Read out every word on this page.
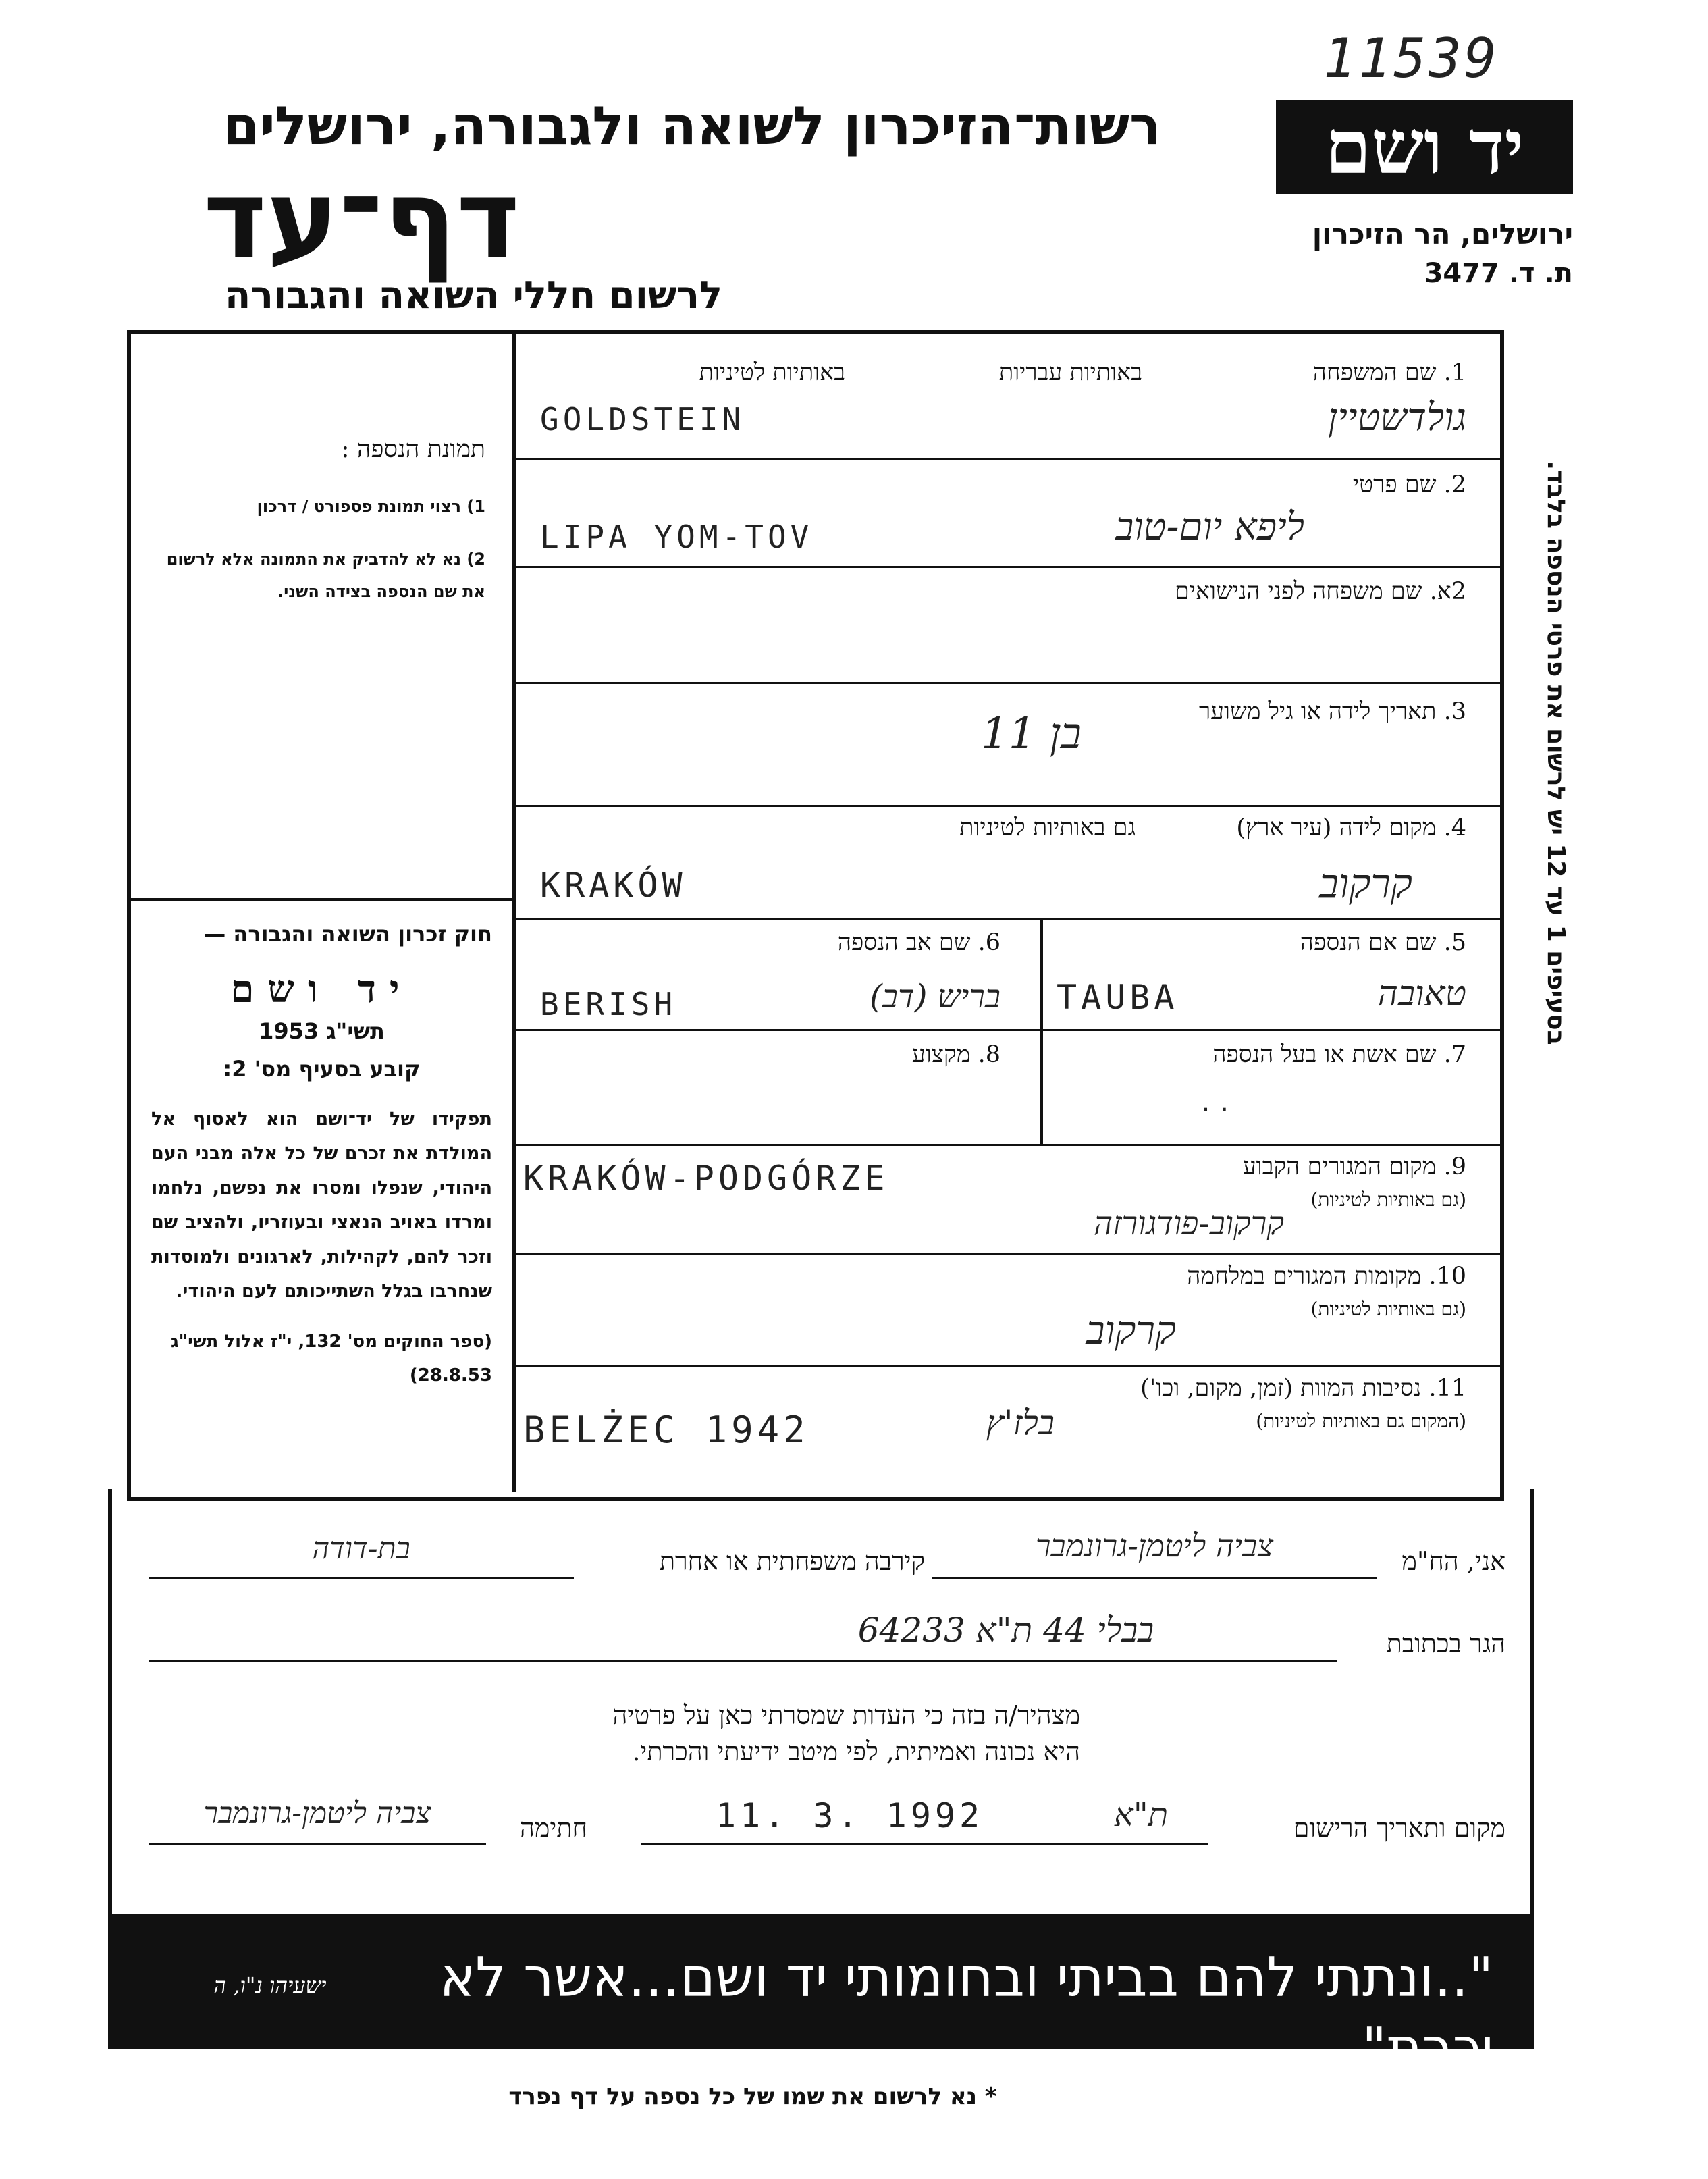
11539
יד ושם
ירושלים, הר הזיכרון
ת. ד. 3477
רשות־הזיכרון לשואה ולגבורה, ירושלים
דף־עד
לרשום חללי השואה והגבורה
בסעיפים 1 עד 12 יש לרשום את פרטי הנספה בלבד.
תמונת הנספה :
1) רצוי תמונת פספורט / דרכון
2) נא לא להדביק את התמונה אלא לרשום את שם הנספה בצידה השני.
חוק זכרון השואה והגבורה —
יד ושם
תשי"ג 1953
קובע בסעיף מס' 2:
תפקידו של יד־ושם הוא לאסוף אל המולדת את זכרם של כל אלה מבני העם היהודי, שנפלו ומסרו את נפשם, נלחמו ומרדו באויב הנאצי ובעוזריו, ולהציב שם וזכר להם, לקהילות, לארגונים ולמוסדות שנחרבו בגלל השתייכותם לעם היהודי.
(ספר החוקים מס' 132, י"ז אלול תשי"ג 28.8.53)
1. שם המשפחה
באותיות עבריות
באותיות לטיניות
GOLDSTEIN	גולדשטיין
2. שם פרטי
LIPA YOM-TOV	ליפא יום-טוב
2א. שם משפחה לפני הנישואים
3. תאריך לידה או גיל משוער
בן 11
4. מקום לידה (עיר ארץ)
גם באותיות לטיניות
KRAKÓW	קרקוב
5. שם אם הנספה
TAUBA	טאובה
6. שם אב הנספה
BERISH	בריש (דב)
7. שם אשת או בעל הנספה
..
8. מקצוע
9. מקום המגורים הקבוע
(גם באותיות לטיניות)
KRAKÓW-PODGÓRZE
קרקוב-פודגורזה
10. מקומות המגורים במלחמה
(גם באותיות לטיניות)
קרקוב
11. נסיבות המוות (זמן, מקום, וכו')
(המקום גם באותיות לטיניות)
BELŻEC 1942	בלז'ץ
אני, הח"מ
צביה ליטמן-גרונמבר
קירבה משפחתית או אחרת
בת-דודה
הגר בכתובת
בבלי 44 ת"א 64233
מצהיר/ה בזה כי העדות שמסרתי כאן על פרטיה
היא נכונה ואמיתית, לפי מיטב ידיעתי והכרתי.
מקום ותאריך הרישום
ת"א
11. 3. 1992
חתימה
צביה ליטמן-גרונמבר
"..ונתתי להם בביתי ובחומותי יד ושם...אשר לא יכרת"
ישעיהו נ"ו, ה
* נא לרשום את שמו של כל נספה על דף נפרד
